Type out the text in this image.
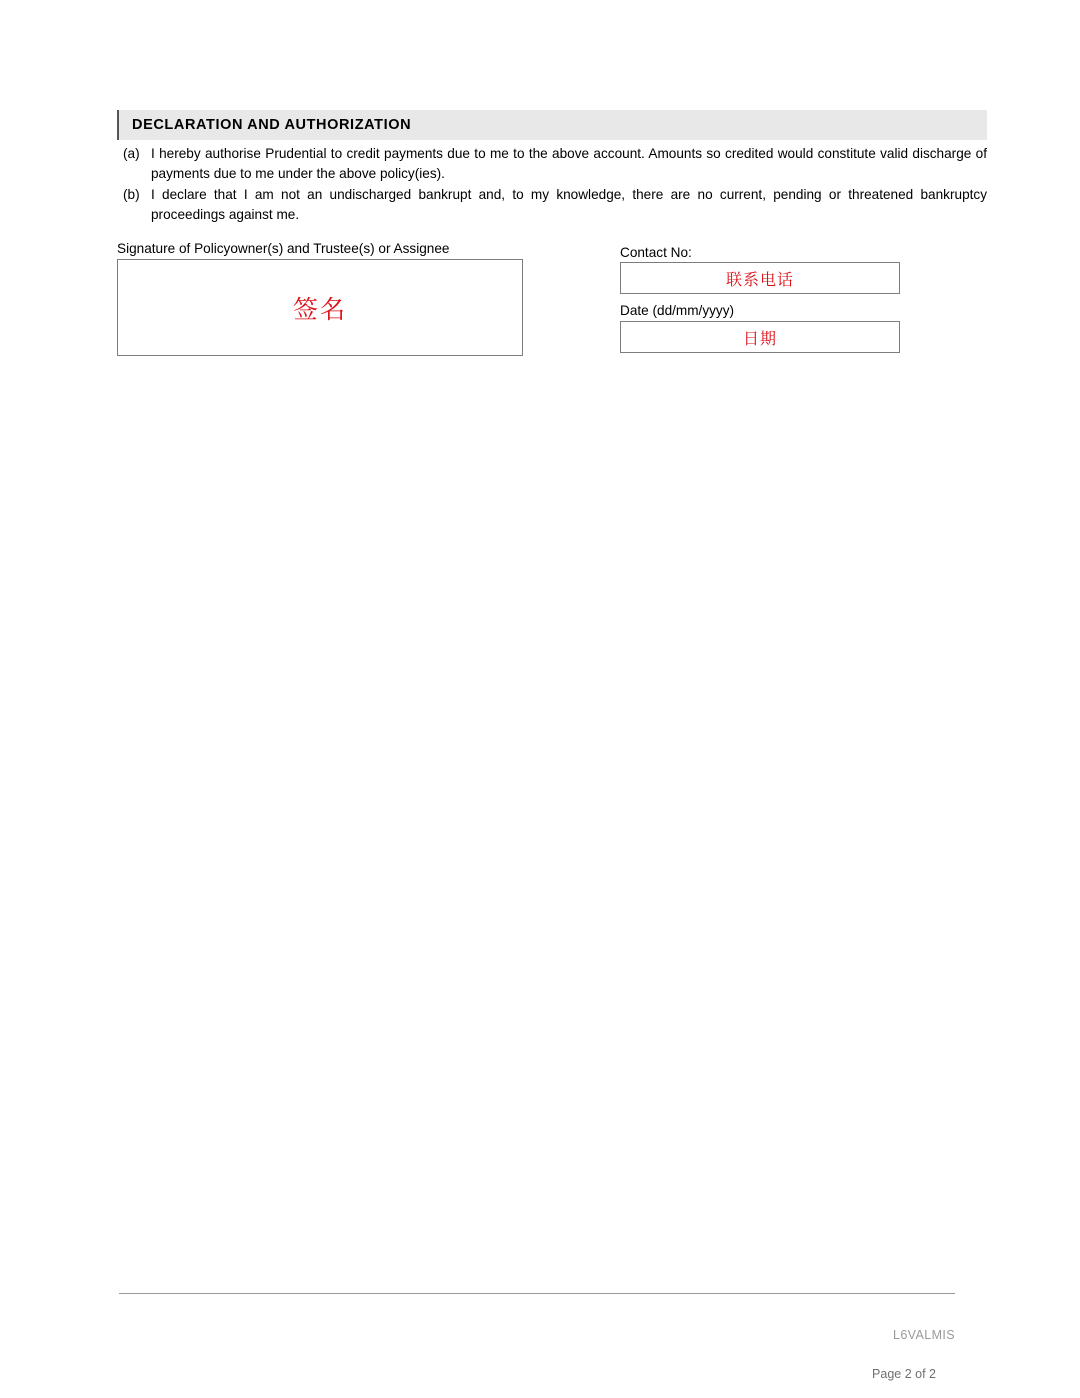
DECLARATION AND AUTHORIZATION
(a) I hereby authorise Prudential to credit payments due to me to the above account. Amounts so credited would constitute valid discharge of payments due to me under the above policy(ies).
(b) I declare that I am not an undischarged bankrupt and, to my knowledge, there are no current, pending or threatened bankruptcy proceedings against me.
Signature of Policyowner(s) and Trustee(s) or Assignee
签名
Contact No:
联系电话
Date (dd/mm/yyyy)
日期
L6VALMIS
Page 2 of 2
